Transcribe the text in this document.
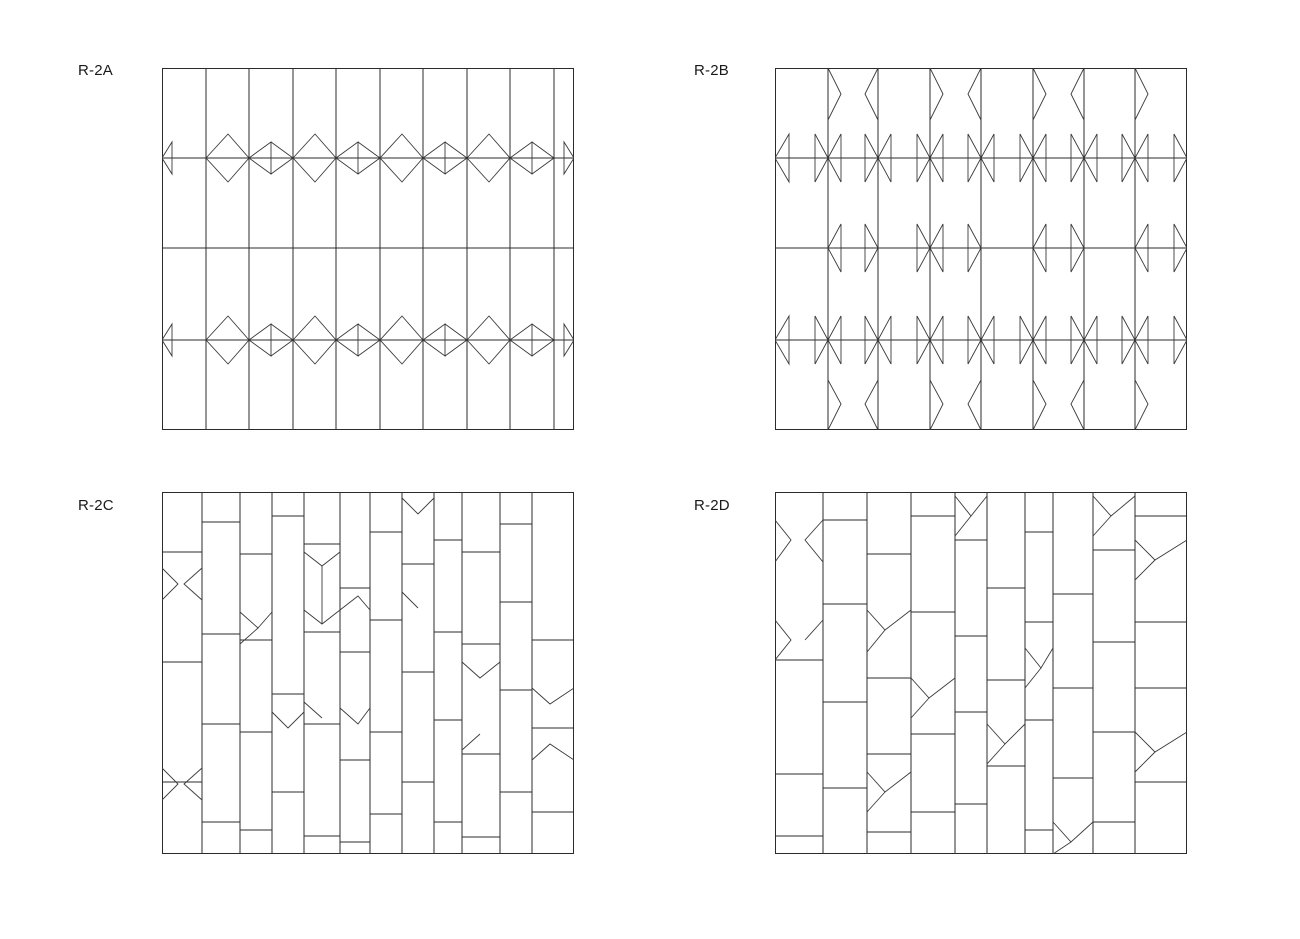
R-2A	R-2B
R-2C	R-2D
